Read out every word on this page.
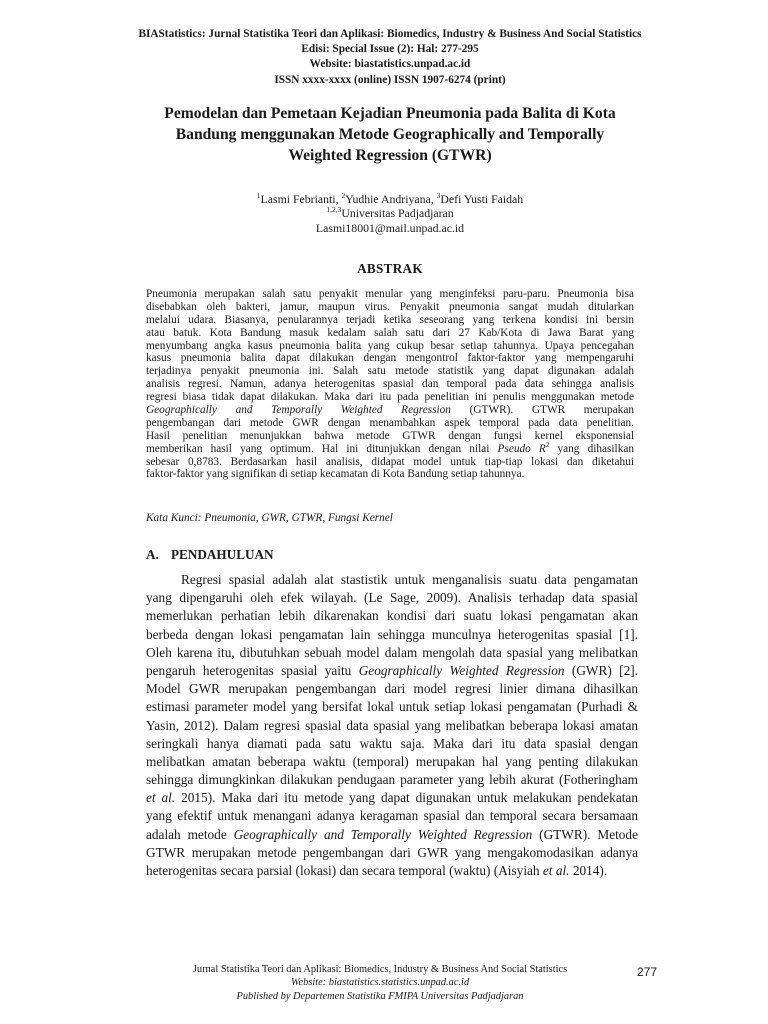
BIAStatistics: Jurnal Statistika Teori dan Aplikasi: Biomedics, Industry & Business And Social Statistics
Edisi: Special Issue (2): Hal: 277-295
Website: biastatistics.unpad.ac.id
ISSN xxxx-xxxx (online) ISSN 1907-6274 (print)
Pemodelan dan Pemetaan Kejadian Pneumonia pada Balita di Kota
Bandung menggunakan Metode Geographically and Temporally
Weighted Regression (GTWR)
$^1$Lasmi Febrianti, $^2$Yudhie Andriyana, $^3$Defi Yusti Faidah
$^{1,2,3}$Universitas Padjadjaran
Lasmi18001@mail.unpad.ac.id
ABSTRAK
Pneumonia merupakan salah satu penyakit menular yang menginfeksi paru-paru. Pneumonia bisa
disebabkan oleh bakteri, jamur, maupun virus. Penyakit pneumonia sangat mudah ditularkan
melalui udara. Biasanya, penularannya terjadi ketika seseorang yang terkena kondisi ini bersin
atau batuk. Kota Bandung masuk kedalam salah satu dari 27 Kab/Kota di Jawa Barat yang
menyumbang angka kasus pneumonia balita yang cukup besar setiap tahunnya. Upaya pencegahan
kasus pneumonia balita dapat dilakukan dengan mengontrol faktor-faktor yang mempengaruhi
terjadinya penyakit pneumonia ini. Salah satu metode statistik yang dapat digunakan adalah
analisis regresi. Namun, adanya heterogenitas spasial dan temporal pada data sehingga analisis
regresi biasa tidak dapat dilakukan. Maka dari itu pada penelitian ini penulis menggunakan metode
Geographically and Temporally Weighted Regression (GTWR). GTWR merupakan
pengembangan dari metode GWR dengan menambahkan aspek temporal pada data penelitian.
Hasil penelitian menunjukkan bahwa metode GTWR dengan fungsi kernel eksponensial
memberikan hasil yang optimum. Hal ini ditunjukkan dengan nilai Pseudo $R^2$ yang dihasilkan
sebesar 0,8783. Berdasarkan hasil analisis, didapat model untuk tiap-tiap lokasi dan diketahui
faktor-faktor yang signifikan di setiap kecamatan di Kota Bandung setiap tahunnya.
Kata Kunci: Pneumonia, GWR, GTWR, Fungsi Kernel
A. PENDAHULUAN
Regresi spasial adalah alat stastistik untuk menganalisis suatu data pengamatan
yang dipengaruhi oleh efek wilayah. (Le Sage, 2009). Analisis terhadap data spasial
memerlukan perhatian lebih dikarenakan kondisi dari suatu lokasi pengamatan akan
berbeda dengan lokasi pengamatan lain sehingga munculnya heterogenitas spasial [1].
Oleh karena itu, dibutuhkan sebuah model dalam mengolah data spasial yang melibatkan
pengaruh heterogenitas spasial yaitu Geographically Weighted Regression (GWR) [2].
Model GWR merupakan pengembangan dari model regresi linier dimana dihasilkan
estimasi parameter model yang bersifat lokal untuk setiap lokasi pengamatan (Purhadi &
Yasin, 2012). Dalam regresi spasial data spasial yang melibatkan beberapa lokasi amatan
seringkali hanya diamati pada satu waktu saja. Maka dari itu data spasial dengan
melibatkan amatan beberapa waktu (temporal) merupakan hal yang penting dilakukan
sehingga dimungkinkan dilakukan pendugaan parameter yang lebih akurat (Fotheringham
et al. 2015). Maka dari itu metode yang dapat digunakan untuk melakukan pendekatan
yang efektif untuk menangani adanya keragaman spasial dan temporal secara bersamaan
adalah metode Geographically and Temporally Weighted Regression (GTWR). Metode
GTWR merupakan metode pengembangan dari GWR yang mengakomodasikan adanya
heterogenitas secara parsial (lokasi) dan secara temporal (waktu) (Aisyiah et al. 2014).
Jurnal Statistika Teori dan Aplikasi: Biomedics, Industry & Business And Social Statistics
Website: biastatistics.statistics.unpad.ac.id
Published by Departemen Statistika FMIPA Universitas Padjadjaran
277
